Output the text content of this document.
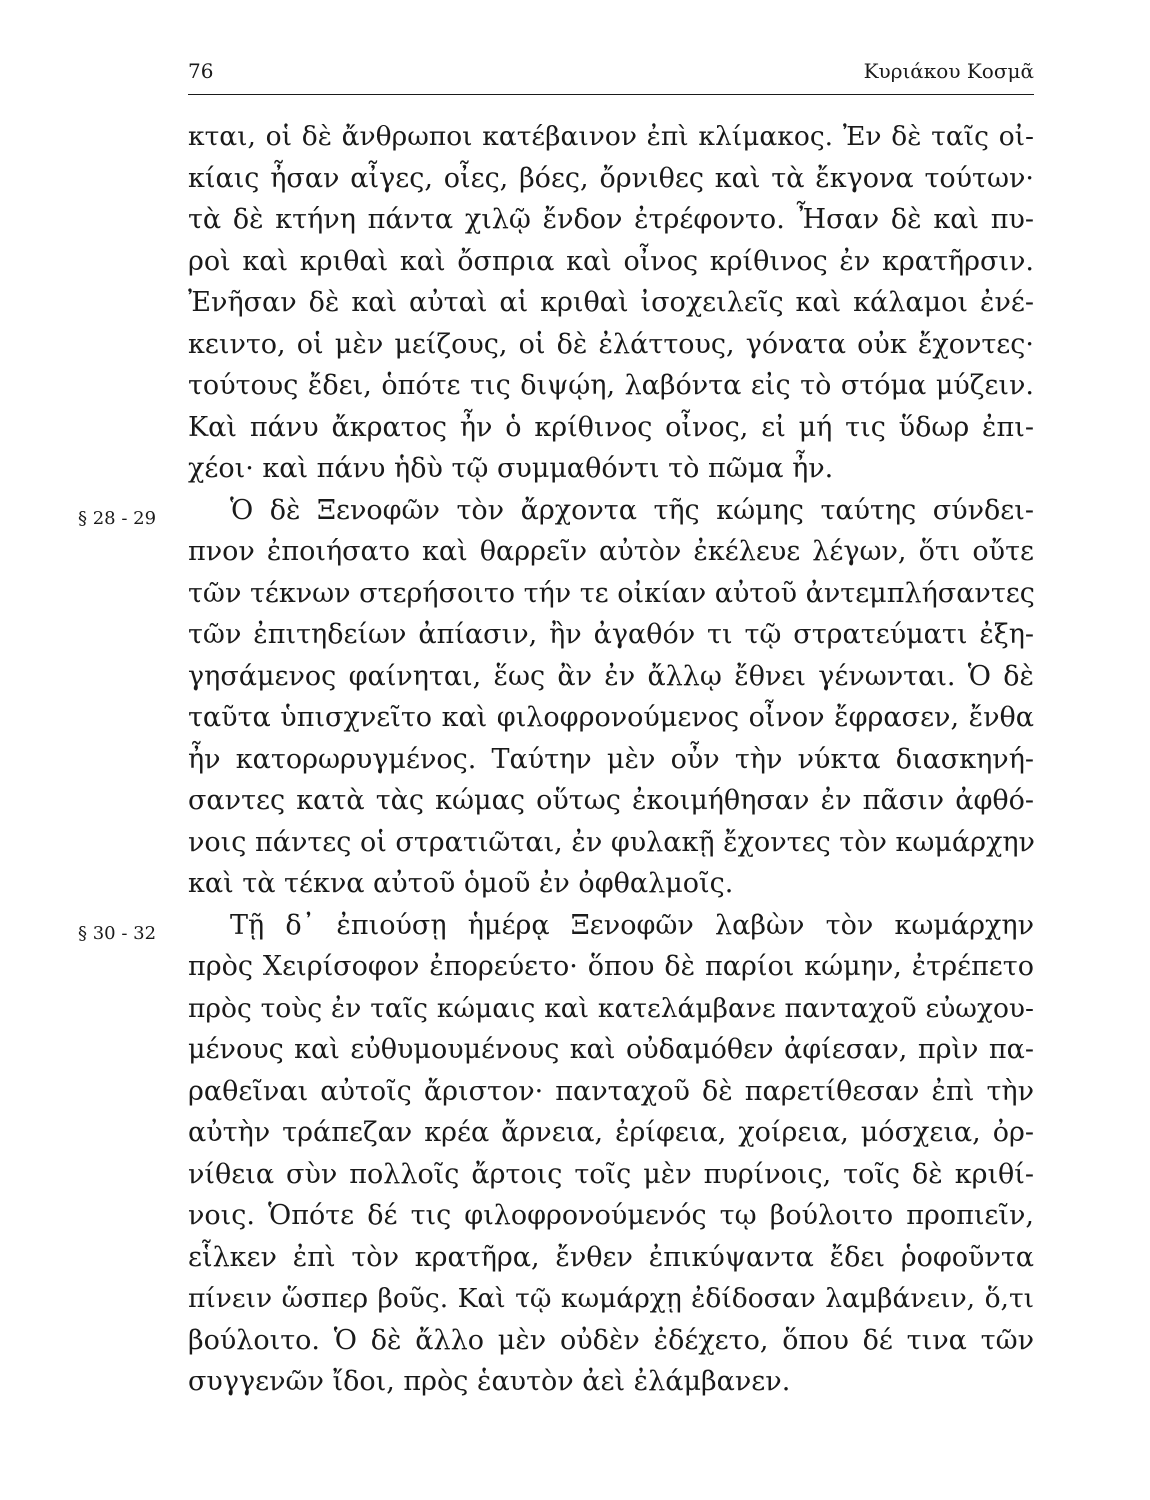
76	Κυριάκου Κοσμᾶ
§ 28 - 29
§ 30 - 32
κται, οἱ δὲ ἄνθρωποι κατέβαινον ἐπὶ κλίμακος. Ἐν δὲ ταῖς οἰ-
κίαις ἦσαν αἶγες, οἶες, βόες, ὄρνιθες καὶ τὰ ἔκγονα τούτων·
τὰ δὲ κτήνη πάντα χιλῷ ἔνδον ἐτρέφοντο. Ἦσαν δὲ καὶ πυ-
ροὶ καὶ κριθαὶ καὶ ὄσπρια καὶ οἶνος κρίθινος ἐν κρατῆρσιν.
Ἐνῆσαν δὲ καὶ αὐταὶ αἱ κριθαὶ ἰσοχειλεῖς καὶ κάλαμοι ἐνέ-
κειντο, οἱ μὲν μείζους, οἱ δὲ ἐλάττους, γόνατα οὐκ ἔχοντες·
τούτους ἔδει, ὁπότε τις διψῴη, λαβόντα εἰς τὸ στόμα μύζειν.
Καὶ πάνυ ἄκρατος ἦν ὁ κρίθινος οἶνος, εἰ μή τις ὕδωρ ἐπι-
χέοι· καὶ πάνυ ἡδὺ τῷ συμμαθόντι τὸ πῶμα ἦν.
Ὁ δὲ Ξενοφῶν τὸν ἄρχοντα τῆς κώμης ταύτης σύνδει-
πνον ἐποιήσατο καὶ θαρρεῖν αὐτὸν ἐκέλευε λέγων, ὅτι οὔτε
τῶν τέκνων στερήσοιτο τήν τε οἰκίαν αὐτοῦ ἀντεμπλήσαντες
τῶν ἐπιτηδείων ἀπίασιν, ἢν ἀγαθόν τι τῷ στρατεύματι ἐξη-
γησάμενος φαίνηται, ἕως ἂν ἐν ἄλλῳ ἔθνει γένωνται. Ὁ δὲ
ταῦτα ὑπισχνεῖτο καὶ φιλοφρονούμενος οἶνον ἔφρασεν, ἔνθα
ἦν κατορωρυγμένος. Ταύτην μὲν οὖν τὴν νύκτα διασκηνή-
σαντες κατὰ τὰς κώμας οὕτως ἐκοιμήθησαν ἐν πᾶσιν ἀφθό-
νοις πάντες οἱ στρατιῶται, ἐν φυλακῇ ἔχοντες τὸν κωμάρχην
καὶ τὰ τέκνα αὐτοῦ ὁμοῦ ἐν ὀφθαλμοῖς.
Τῇ δ᾽ ἐπιούσῃ ἡμέρᾳ Ξενοφῶν λαβὼν τὸν κωμάρχην
πρὸς Χειρίσοφον ἐπορεύετο· ὅπου δὲ παρίοι κώμην, ἐτρέπετο
πρὸς τοὺς ἐν ταῖς κώμαις καὶ κατελάμβανε πανταχοῦ εὐωχου-
μένους καὶ εὐθυμουμένους καὶ οὐδαμόθεν ἀφίεσαν, πρὶν πα-
ραθεῖναι αὐτοῖς ἄριστον· πανταχοῦ δὲ παρετίθεσαν ἐπὶ τὴν
αὐτὴν τράπεζαν κρέα ἄρνεια, ἐρίφεια, χοίρεια, μόσχεια, ὀρ-
νίθεια σὺν πολλοῖς ἄρτοις τοῖς μὲν πυρίνοις, τοῖς δὲ κριθί-
νοις. Ὁπότε δέ τις φιλοφρονούμενός τῳ βούλοιτο προπιεῖν,
εἷλκεν ἐπὶ τὸν κρατῆρα, ἔνθεν ἐπικύψαντα ἔδει ῥοφοῦντα
πίνειν ὥσπερ βοῦς. Καὶ τῷ κωμάρχῃ ἐδίδοσαν λαμβάνειν, ὅ,τι
βούλοιτο. Ὁ δὲ ἄλλο μὲν οὐδὲν ἐδέχετο, ὅπου δέ τινα τῶν
συγγενῶν ἴδοι, πρὸς ἑαυτὸν ἀεὶ ἐλάμβανεν.
